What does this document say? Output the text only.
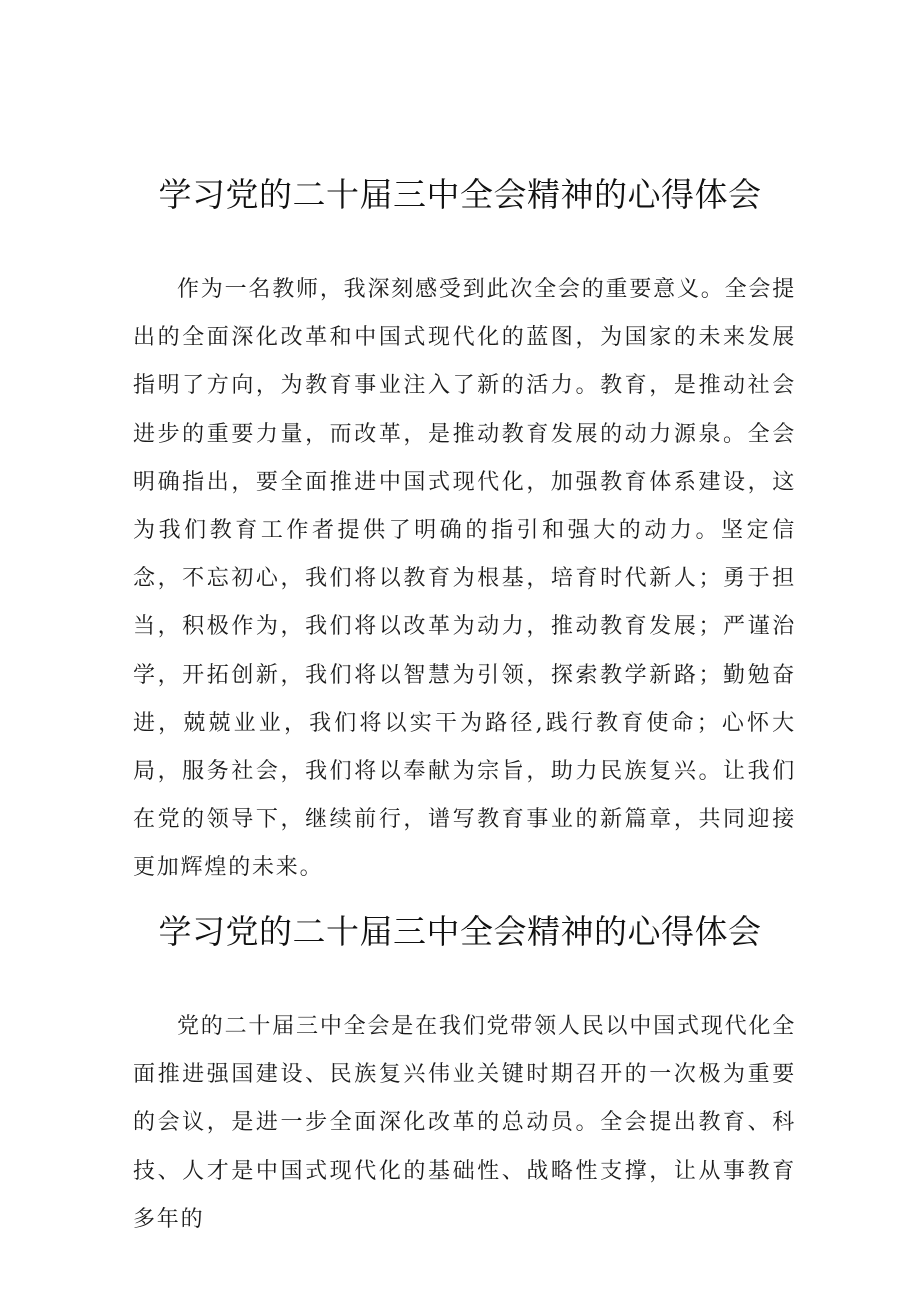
学习党的二十届三中全会精神的心得体会

作为一名教师，我深刻感受到此次全会的重要意义。全会提出的全面深化改革和中国式现代化的蓝图，为国家的未来发展指明了方向，为教育事业注入了新的活力。教育，是推动社会进步的重要力量，而改革，是推动教育发展的动力源泉。全会明确指出，要全面推进中国式现代化，加强教育体系建设，这为我们教育工作者提供了明确的指引和强大的动力。坚定信念，不忘初心，我们将以教育为根基，培育时代新人；勇于担当，积极作为，我们将以改革为动力，推动教育发展；严谨治学，开拓创新，我们将以智慧为引领，探索教学新路；勤勉奋进，兢兢业业，我们将以实干为路径,践行教育使命；心怀大局，服务社会，我们将以奉献为宗旨，助力民族复兴。让我们在党的领导下，继续前行，谱写教育事业的新篇章，共同迎接更加辉煌的未来。

学习党的二十届三中全会精神的心得体会

党的二十届三中全会是在我们党带领人民以中国式现代化全面推进强国建设、民族复兴伟业关键时期召开的一次极为重要的会议，是进一步全面深化改革的总动员。全会提出教育、科技、人才是中国式现代化的基础性、战略性支撑，让从事教育多年的
